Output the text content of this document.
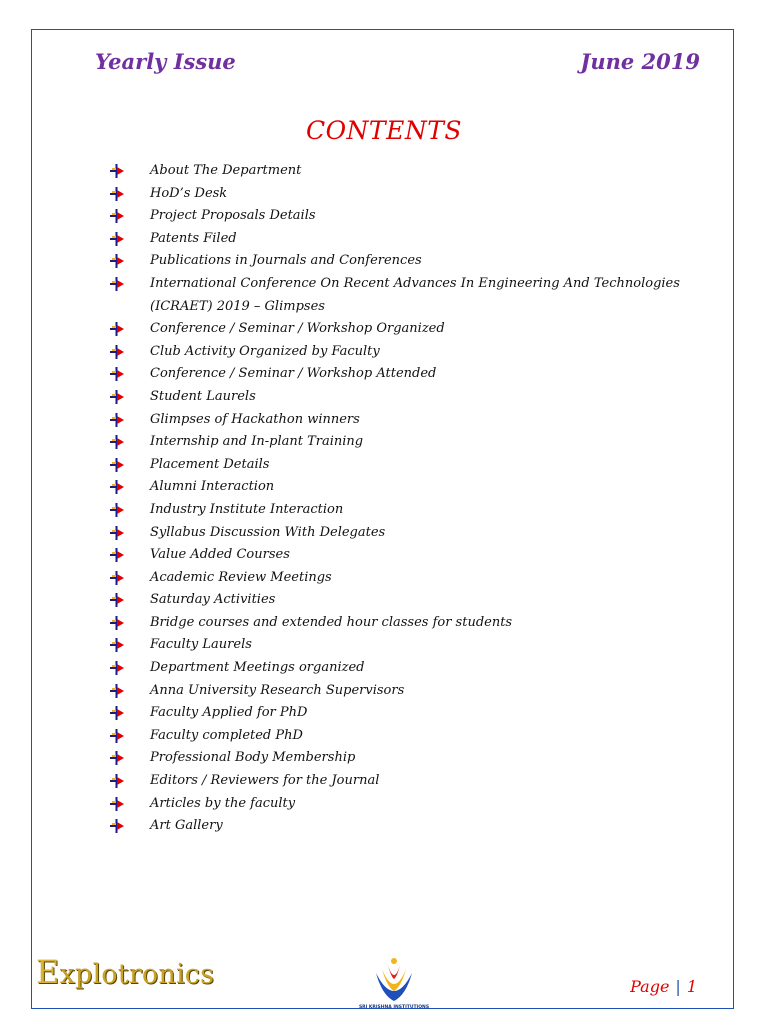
Yearly Issue	June 2019
CONTENTS
About The Department
HoD’s Desk
Project Proposals Details
Patents Filed
Publications in Journals and Conferences
International Conference On Recent Advances In Engineering And Technologies (ICRAET) 2019 – Glimpses
Conference / Seminar / Workshop Organized
Club Activity Organized by Faculty
Conference / Seminar / Workshop Attended
Student Laurels
Glimpses of Hackathon winners
Internship and In-plant Training
Placement Details
Alumni Interaction
Industry Institute Interaction
Syllabus Discussion With Delegates
Value Added Courses
Academic Review Meetings
Saturday Activities
Bridge courses and extended hour classes for students
Faculty Laurels
Department Meetings organized
Anna University Research Supervisors
Faculty Applied for PhD
Faculty completed PhD
Professional Body Membership
Editors / Reviewers for the Journal
Articles by the faculty
Art Gallery
Explotronics
SRI KRISHNA INSTITUTIONS
Page | 1
